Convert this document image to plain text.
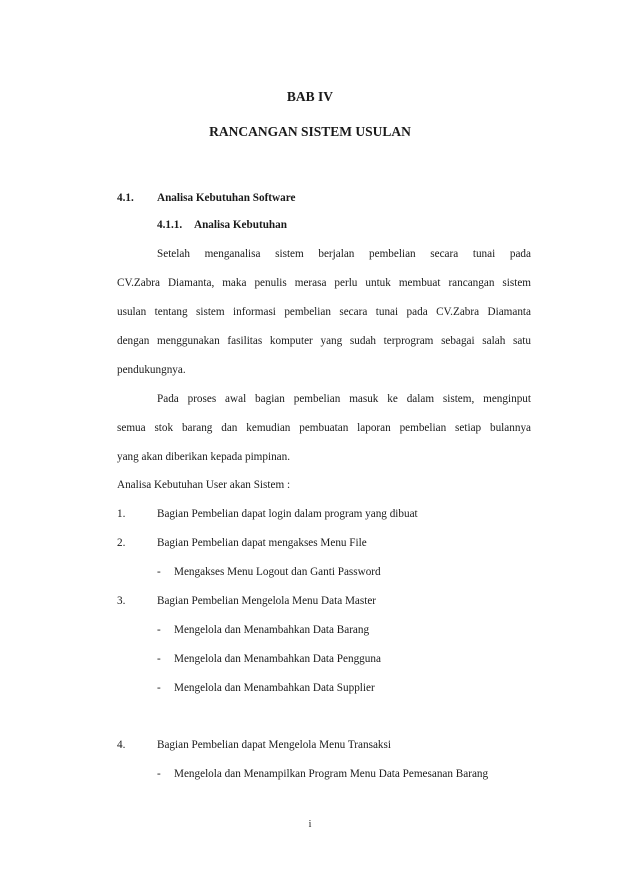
BAB IV
RANCANGAN SISTEM USULAN
4.1. Analisa Kebutuhan Software
4.1.1. Analisa Kebutuhan
Setelah menganalisa sistem berjalan pembelian secara tunai pada
CV.Zabra Diamanta, maka penulis merasa perlu untuk membuat rancangan sistem
usulan tentang sistem informasi pembelian secara tunai pada CV.Zabra Diamanta
dengan menggunakan fasilitas komputer yang sudah terprogram sebagai salah satu
pendukungnya.
Pada proses awal bagian pembelian masuk ke dalam sistem, menginput
semua stok barang dan kemudian pembuatan laporan pembelian setiap bulannya
yang akan diberikan kepada pimpinan.
Analisa Kebutuhan User akan Sistem :
1.	Bagian Pembelian dapat login dalam program yang dibuat
2.	Bagian Pembelian dapat mengakses Menu File
- Mengakses Menu Logout dan Ganti Password
3.	Bagian Pembelian Mengelola Menu Data Master
- Mengelola dan Menambahkan Data Barang
- Mengelola dan Menambahkan Data Pengguna
- Mengelola dan Menambahkan Data Supplier
4.	Bagian Pembelian dapat Mengelola Menu Transaksi
- Mengelola dan Menampilkan Program Menu Data Pemesanan Barang
i
